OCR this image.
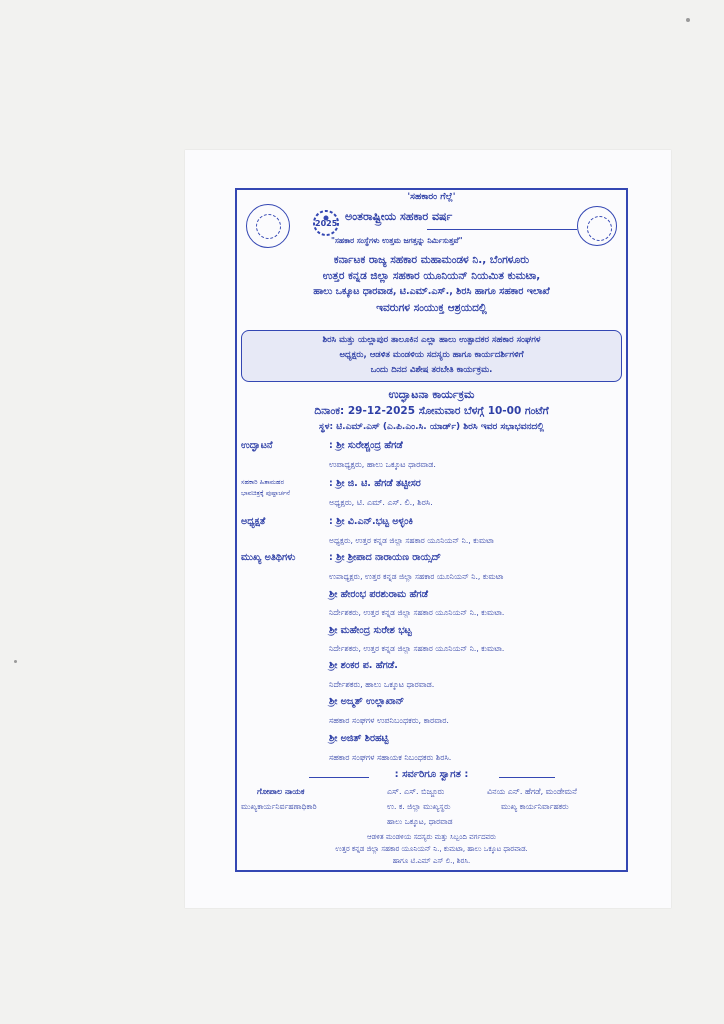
2025
'ಸಹಕಾರಂ ಗೆಲ್ಲೆ'
ಅಂತರಾಷ್ಟ್ರೀಯ ಸಹಕಾರ ವರ್ಷ
"ಸಹಕಾರ ಸಂಸ್ಥೆಗಳು ಉತ್ತಮ ಜಗತ್ತನ್ನು ನಿರ್ಮಿಸುತ್ತವೆ"
ಕರ್ನಾಟಕ ರಾಜ್ಯ ಸಹಕಾರ ಮಹಾಮಂಡಳ ನಿ., ಬೆಂಗಳೂರು
ಉತ್ತರ ಕನ್ನಡ ಜಿಲ್ಲಾ ಸಹಕಾರ ಯೂನಿಯನ್ ನಿಯಮಿತ ಕುಮಟಾ,
ಹಾಲು ಒಕ್ಕೂಟ ಧಾರವಾಡ, ಟಿ.ಎಮ್.ಎಸ್., ಶಿರಸಿ ಹಾಗೂ ಸಹಕಾರ ಇಲಾಖೆ
ಇವರುಗಳ ಸಂಯುಕ್ತ ಆಶ್ರಯದಲ್ಲಿ
ಶಿರಸಿ ಮತ್ತು ಯಲ್ಲಾಪುರ ತಾಲೂಕಿನ ಎಲ್ಲಾ ಹಾಲು ಉತ್ಪಾದಕರ ಸಹಕಾರ ಸಂಘಗಳ
ಅಧ್ಯಕ್ಷರು, ಆಡಳಿತ ಮಂಡಳಿಯ ಸದಸ್ಯರು ಹಾಗೂ ಕಾರ್ಯದರ್ಶಿಗಳಿಗೆ
ಒಂದು ದಿನದ ವಿಶೇಷ ತರಬೇತಿ ಕಾರ್ಯಕ್ರಮ.
ಉದ್ಘಾಟನಾ ಕಾರ್ಯಕ್ರಮ
ದಿನಾಂಕ: 29-12-2025 ಸೋಮವಾರ ಬೆಳಗ್ಗೆ 10-00 ಗಂಟೆಗೆ
ಸ್ಥಳ: ಟಿ.ಎಮ್.ಎಸ್ (ಎ.ಪಿ.ಎಂ.ಸಿ. ಯಾರ್ಡ್) ಶಿರಸಿ ಇವರ ಸಭಾಭವನದಲ್ಲಿ
ಉದ್ಘಾಟನೆ	: ಶ್ರೀ ಸುರೇಶ್ಚಂದ್ರ ಹೆಗಡೆ
ಉಪಾಧ್ಯಕ್ಷರು, ಹಾಲು ಒಕ್ಕೂಟ ಧಾರವಾಡ.
ಸಹಕಾರಿ ಹಿತಾಮಹರ
ಭಾವಚಿತ್ರಕ್ಕೆ ಪುಷ್ಪಾರ್ಚನೆ
: ಶ್ರೀ ಜಿ. ಟಿ. ಹೆಗಡೆ ತಟ್ಟೀಸರ
ಅಧ್ಯಕ್ಷರು, ಟಿ. ಎಮ್. ಎಸ್. ಲಿ., ಶಿರಸಿ.
ಅಧ್ಯಕ್ಷತೆ	: ಶ್ರೀ ವಿ.ಎನ್.ಭಟ್ಟ ಅಳ್ಳಂಕಿ
ಅಧ್ಯಕ್ಷರು, ಉತ್ತರ ಕನ್ನಡ ಜಿಲ್ಲಾ ಸಹಕಾರ ಯೂನಿಯನ್ ನಿ., ಕುಮಟಾ
ಮುಖ್ಯ ಅತಿಥಿಗಳು	: ಶ್ರೀ ಶ್ರೀಪಾದ ನಾರಾಯಣ ರಾಯ್ಸದ್
ಉಪಾಧ್ಯಕ್ಷರು, ಉತ್ತರ ಕನ್ನಡ ಜಿಲ್ಲಾ ಸಹಕಾರ ಯೂನಿಯನ್ ನಿ., ಕುಮಟಾ
ಶ್ರೀ ಹೇರಂಭ ಪರಶುರಾಮ ಹೆಗಡೆ
ನಿರ್ದೇಶಕರು, ಉತ್ತರ ಕನ್ನಡ ಜಿಲ್ಲಾ ಸಹಕಾರ ಯೂನಿಯನ್ ನಿ., ಕುಮಟಾ.
ಶ್ರೀ ಮಹೇಂದ್ರ ಸುರೇಶ ಭಟ್ಟ
ನಿರ್ದೇಶಕರು, ಉತ್ತರ ಕನ್ನಡ ಜಿಲ್ಲಾ ಸಹಕಾರ ಯೂನಿಯನ್ ನಿ., ಕುಮಟಾ.
ಶ್ರೀ ಶಂಕರ ಪ. ಹೆಗಡೆ.
ನಿರ್ದೇಶಕರು, ಹಾಲು ಒಕ್ಕೂಟ ಧಾರವಾಡ.
ಶ್ರೀ ಅಜ್ಮತ್ ಉಲ್ಲಾಖಾನ್
ಸಹಕಾರ ಸಂಘಗಳ ಉಪನಿಬಂಧಕರು, ಕಾರವಾರ.
ಶ್ರೀ ಅಜಿತ್ ಶಿರಹಟ್ಟಿ
ಸಹಕಾರ ಸಂಘಗಳ ಸಹಾಯಕ ನಿಬಂಧಕರು ಶಿರಸಿ.
: ಸರ್ವರಿಗೂ ಸ್ವಾಗತ :
ಗೋಪಾಲ ನಾಯಕ	ಎಸ್. ಎಸ್. ಬಿಜ್ಜೂರು	ವಿನಯ ಎನ್. ಹೆಗಡೆ, ಮಂಡೇಮನೆ
ಮುಖ್ಯಕಾರ್ಯನಿರ್ವಹಣಾಧಿಕಾರಿ	ಉ. ಕ. ಜಿಲ್ಲಾ ಮುಖ್ಯಸ್ಥರು	ಮುಖ್ಯ ಕಾರ್ಯನಿರ್ವಾಹಕರು
ಹಾಲು ಒಕ್ಕೂಟ, ಧಾರವಾಡ
ಆಡಳಿತ ಮಂಡಳಿಯ ಸದಸ್ಯರು ಮತ್ತು ಸಿಬ್ಬಂದಿ ವರ್ಗದವರು
ಉತ್ತರ ಕನ್ನಡ ಜಿಲ್ಲಾ ಸಹಕಾರ ಯೂನಿಯನ್ ನಿ., ಕುಮಟಾ, ಹಾಲು ಒಕ್ಕೂಟ ಧಾರವಾಡ.
ಹಾಗೂ ಟಿ.ಎಮ್ ಎಸ್ ಲಿ., ಶಿರಸಿ.
